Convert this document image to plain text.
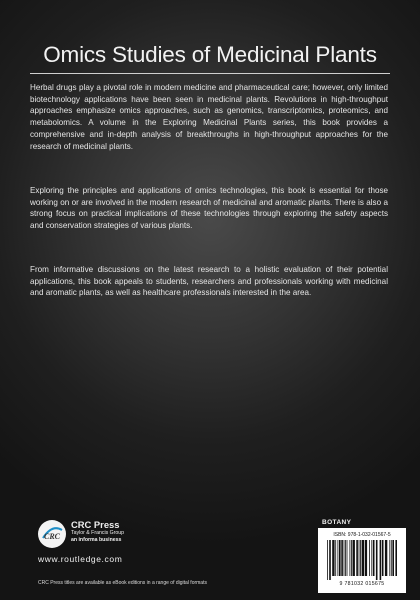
Omics Studies of Medicinal Plants

Herbal drugs play a pivotal role in modern medicine and pharmaceutical care; however, only limited biotechnology applications have been seen in medicinal plants. Revolutions in high-throughput approaches emphasize omics approaches, such as genomics, transcriptomics, proteomics, and metabolomics. A volume in the Exploring Medicinal Plants series, this book provides a comprehensive and in-depth analysis of breakthroughs in high-throughput approaches for the research of medicinal plants.

Exploring the principles and applications of omics technologies, this book is essential for those working on or are involved in the modern research of medicinal and aromatic plants. There is also a strong focus on practical implications of these technologies through exploring the safety aspects and conservation strategies of various plants.

From informative discussions on the latest research to a holistic evaluation of their potential applications, this book appeals to students, researchers and professionals working with medicinal and aromatic plants, as well as healthcare professionals interested in the area.

CRC
CRC Press
Taylor & Francis Group
an informa business
www.routledge.com
CRC Press titles are available as eBook editions in a range of digital formats
BOTANY
ISBN: 978-1-032-01567-5
9 781032 015675
